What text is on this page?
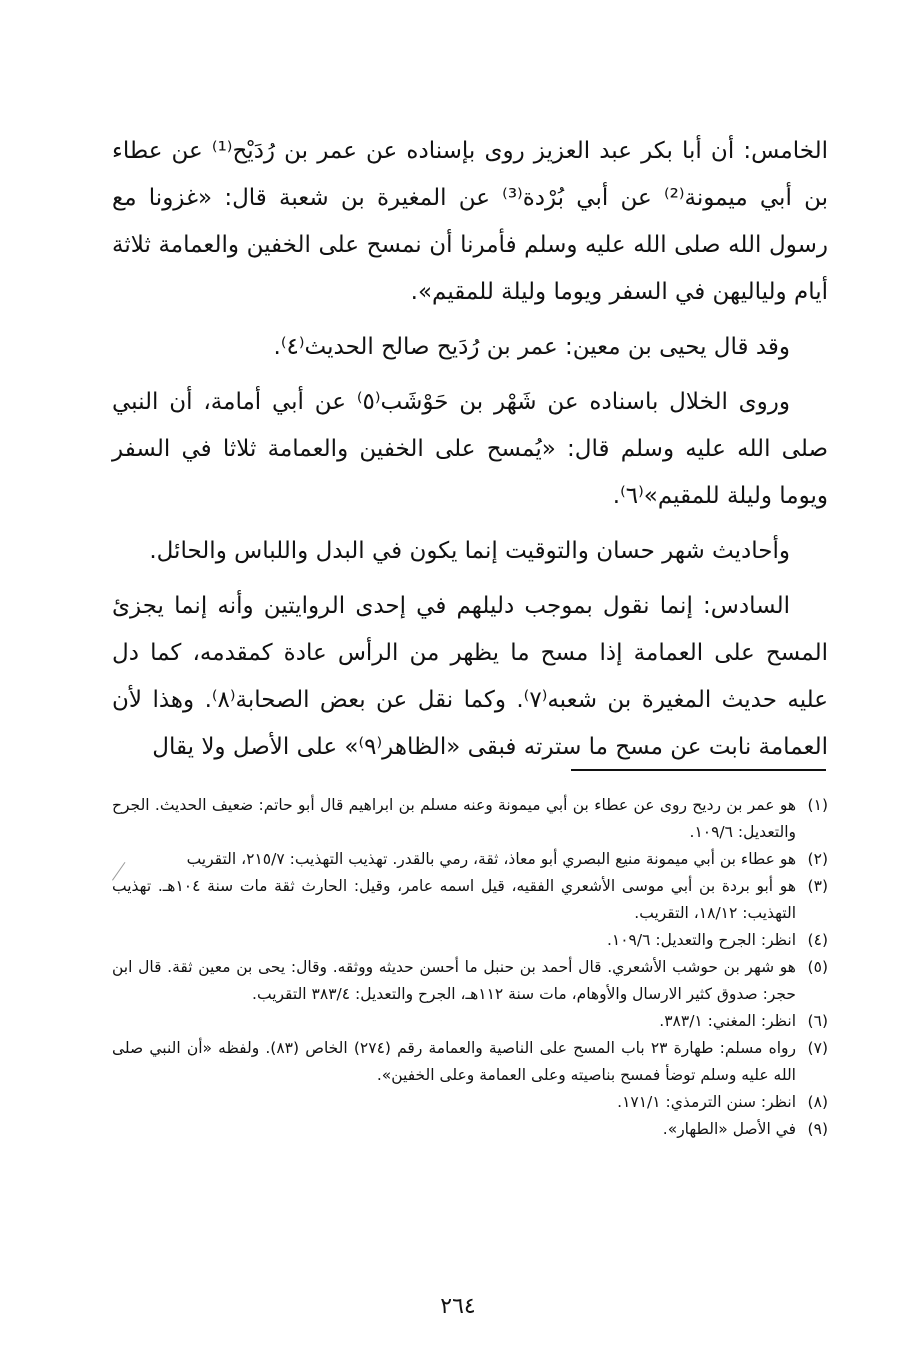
الخامس: أن أبا بكر عبد العزيز روى بإسناده عن عمر بن رُدَيْح⁽¹⁾ عن عطاء بن أبي ميمونة⁽²⁾ عن أبي بُرْدة⁽³⁾ عن المغيرة بن شعبة قال: «غزونا مع رسول الله صلى الله عليه وسلم فأمرنا أن نمسح على الخفين والعمامة ثلاثة أيام ولياليهن في السفر ويوما وليلة للمقيم».

وقد قال يحيى بن معين: عمر بن رُدَيح صالح الحديث⁽٤⁾.

وروى الخلال باسناده عن شَهْر بن حَوْشَب⁽٥⁾ عن أبي أمامة، أن النبي صلى الله عليه وسلم قال: «يُمسح على الخفين والعمامة ثلاثا في السفر ويوما وليلة للمقيم»⁽٦⁾.

وأحاديث شهر حسان والتوقيت إنما يكون في البدل واللباس والحائل.

السادس: إنما نقول بموجب دليلهم في إحدى الروايتين وأنه إنما يجزئ المسح على العمامة إذا مسح ما يظهر من الرأس عادة كمقدمه، كما دل عليه حديث المغيرة بن شعبه⁽٧⁾. وكما نقل عن بعض الصحابة⁽٨⁾. وهذا لأن العمامة نابت عن مسح ما سترته فبقى «الظاهر⁽٩⁾» على الأصل ولا يقال

(١)
هو عمر بن رديح روى عن عطاء بن أبي ميمونة وعنه مسلم بن ابراهيم قال أبو حاتم: ضعيف الحديث. الجرح والتعديل: ١٠٩/٦.

(٢)
هو عطاء بن أبي ميمونة منيع البصري أبو معاذ، ثقة، رمي بالقدر. تهذيب التهذيب: ٢١٥/٧، التقريب

(٣)
هو أبو بردة بن أبي موسى الأشعري الفقيه، قيل اسمه عامر، وقيل: الحارث ثقة مات سنة ١٠٤هـ. تهذيب التهذيب: ١٨/١٢، التقريب.

(٤)
انظر: الجرح والتعديل: ١٠٩/٦.

(٥)
هو شهر بن حوشب الأشعري. قال أحمد بن حنبل ما أحسن حديثه ووثقه. وقال: يحى بن معين ثقة. قال ابن حجر: صدوق كثير الارسال والأوهام، مات سنة ١١٢هـ، الجرح والتعديل: ٣٨٣/٤ التقريب.

(٦)
انظر: المغني: ٣٨٣/١.

(٧)
رواه مسلم: طهارة ٢٣ باب المسح على الناصية والعمامة رقم (٢٧٤) الخاص (٨٣). ولفظه «أن النبي صلى الله عليه وسلم توضأ فمسح بناصيته وعلى العمامة وعلى الخفين».

(٨)
انظر: سنن الترمذي: ١٧١/١.

(٩)
في الأصل «الطهار».

٢٦٤
